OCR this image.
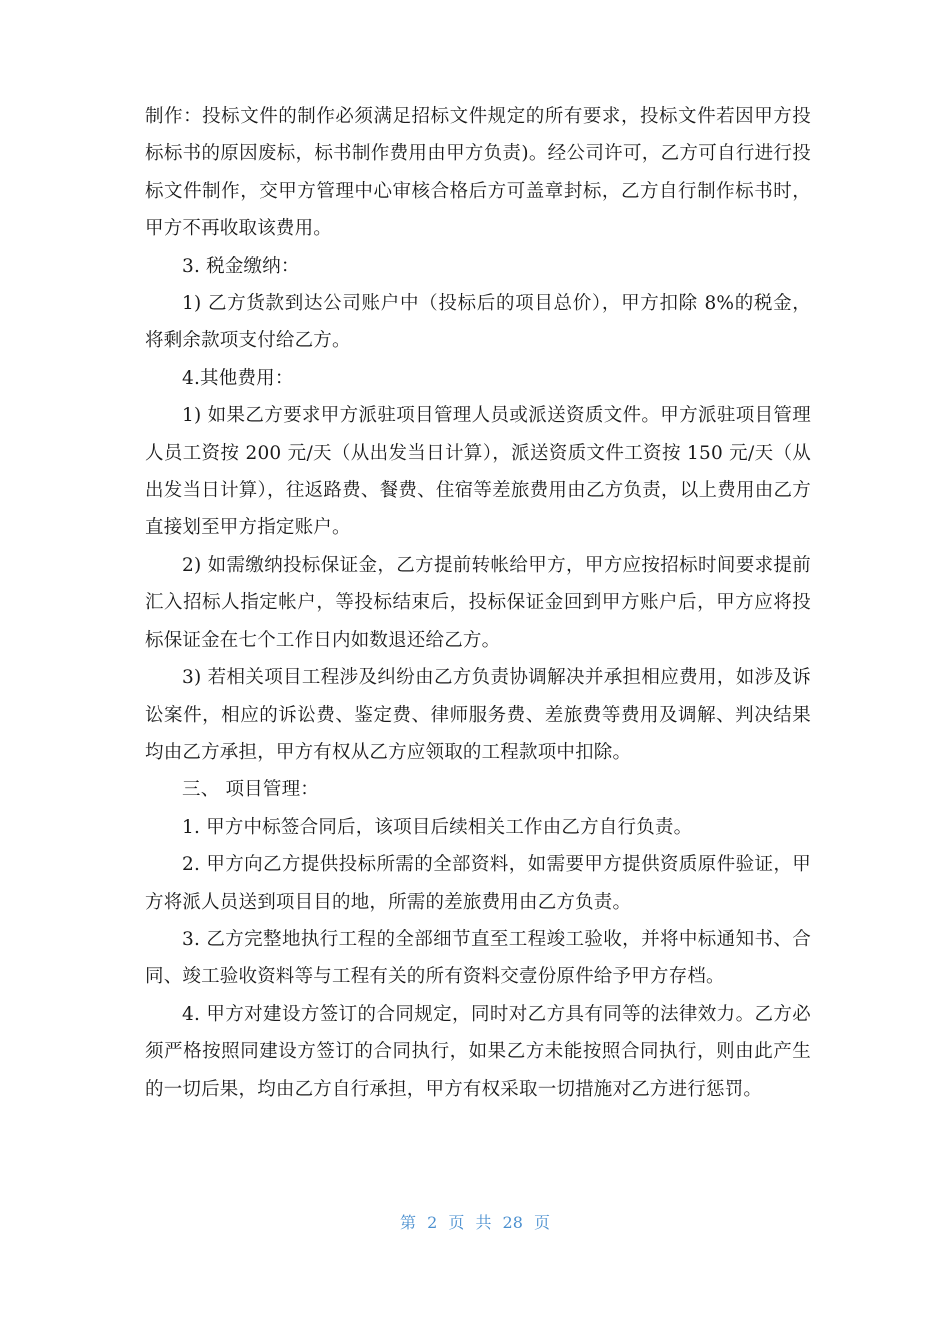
制作：投标文件的制作必须满足招标文件规定的所有要求，投标文件若因甲方投标标书的原因废标，标书制作费用由甲方负责)。经公司许可，乙方可自行进行投标文件制作，交甲方管理中心审核合格后方可盖章封标，乙方自行制作标书时，甲方不再收取该费用。

3. 税金缴纳：

1) 乙方货款到达公司账户中（投标后的项目总价），甲方扣除 8%的税金，将剩余款项支付给乙方。

4.其他费用：

1) 如果乙方要求甲方派驻项目管理人员或派送资质文件。甲方派驻项目管理人员工资按 200 元/天（从出发当日计算），派送资质文件工资按 150 元/天（从出发当日计算），往返路费、餐费、住宿等差旅费用由乙方负责，以上费用由乙方直接划至甲方指定账户。

2) 如需缴纳投标保证金，乙方提前转帐给甲方，甲方应按招标时间要求提前汇入招标人指定帐户，等投标结束后，投标保证金回到甲方账户后，甲方应将投标保证金在七个工作日内如数退还给乙方。

3) 若相关项目工程涉及纠纷由乙方负责协调解决并承担相应费用，如涉及诉讼案件，相应的诉讼费、鉴定费、律师服务费、差旅费等费用及调解、判决结果均由乙方承担，甲方有权从乙方应领取的工程款项中扣除。

三、 项目管理：

1. 甲方中标签合同后，该项目后续相关工作由乙方自行负责。

2. 甲方向乙方提供投标所需的全部资料，如需要甲方提供资质原件验证，甲方将派人员送到项目目的地，所需的差旅费用由乙方负责。

3. 乙方完整地执行工程的全部细节直至工程竣工验收，并将中标通知书、合同、竣工验收资料等与工程有关的所有资料交壹份原件给予甲方存档。

4. 甲方对建设方签订的合同规定，同时对乙方具有同等的法律效力。乙方必须严格按照同建设方签订的合同执行，如果乙方未能按照合同执行，则由此产生的一切后果，均由乙方自行承担，甲方有权采取一切措施对乙方进行惩罚。

第 2 页 共 28 页
